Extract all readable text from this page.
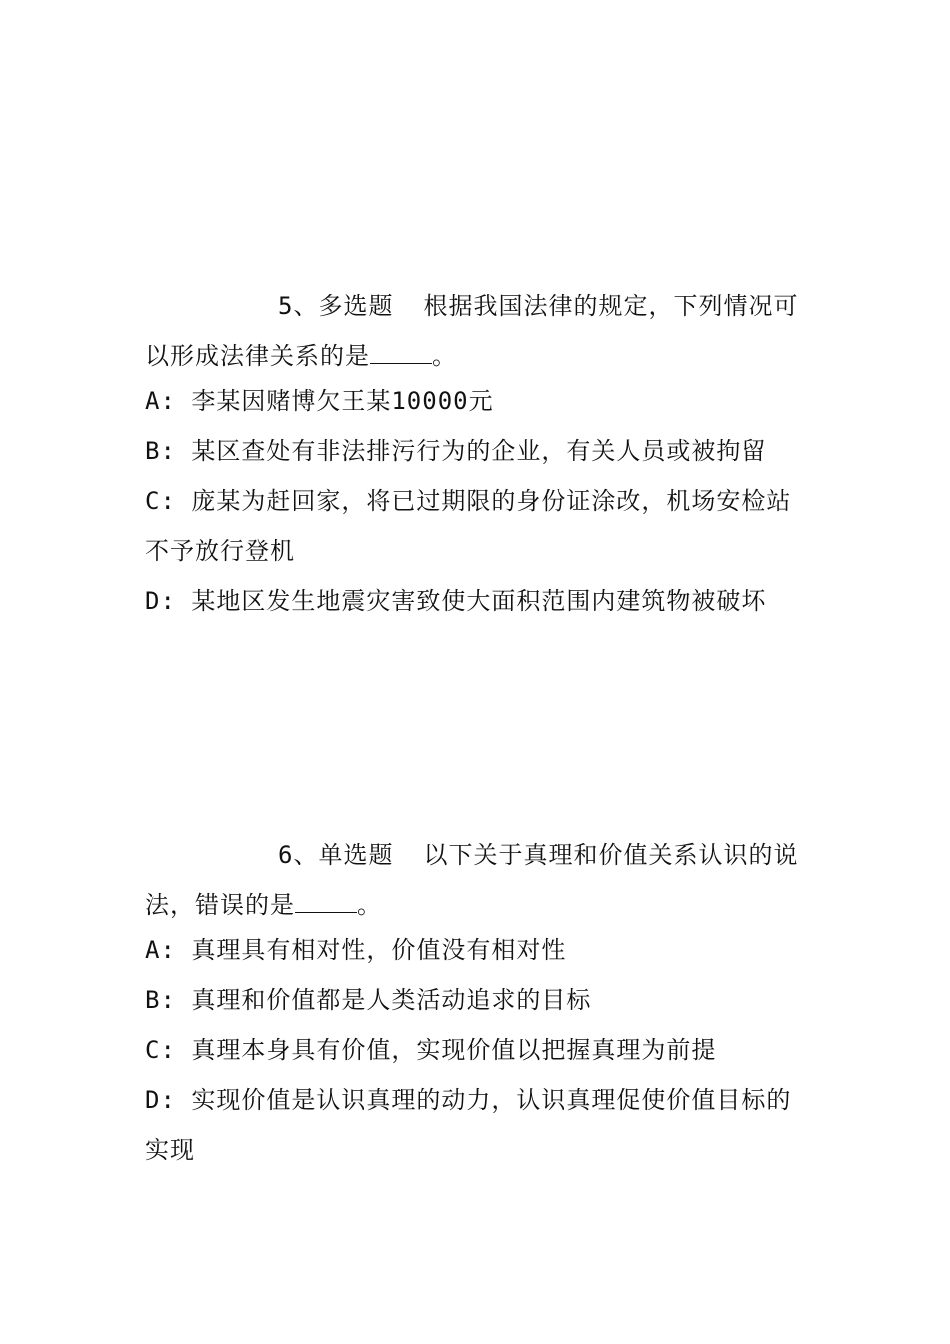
5、多选题 根据我国法律的规定，下列情况可
以形成法律关系的是	。
A: 李某因赌博欠王某10000元
B: 某区查处有非法排污行为的企业，有关人员或被拘留
C: 庞某为赶回家，将已过期限的身份证涂改，机场安检站
不予放行登机
D: 某地区发生地震灾害致使大面积范围内建筑物被破坏
6、单选题 以下关于真理和价值关系认识的说
法，错误的是	。
A: 真理具有相对性，价值没有相对性
B: 真理和价值都是人类活动追求的目标
C: 真理本身具有价值，实现价值以把握真理为前提
D: 实现价值是认识真理的动力，认识真理促使价值目标的
实现
